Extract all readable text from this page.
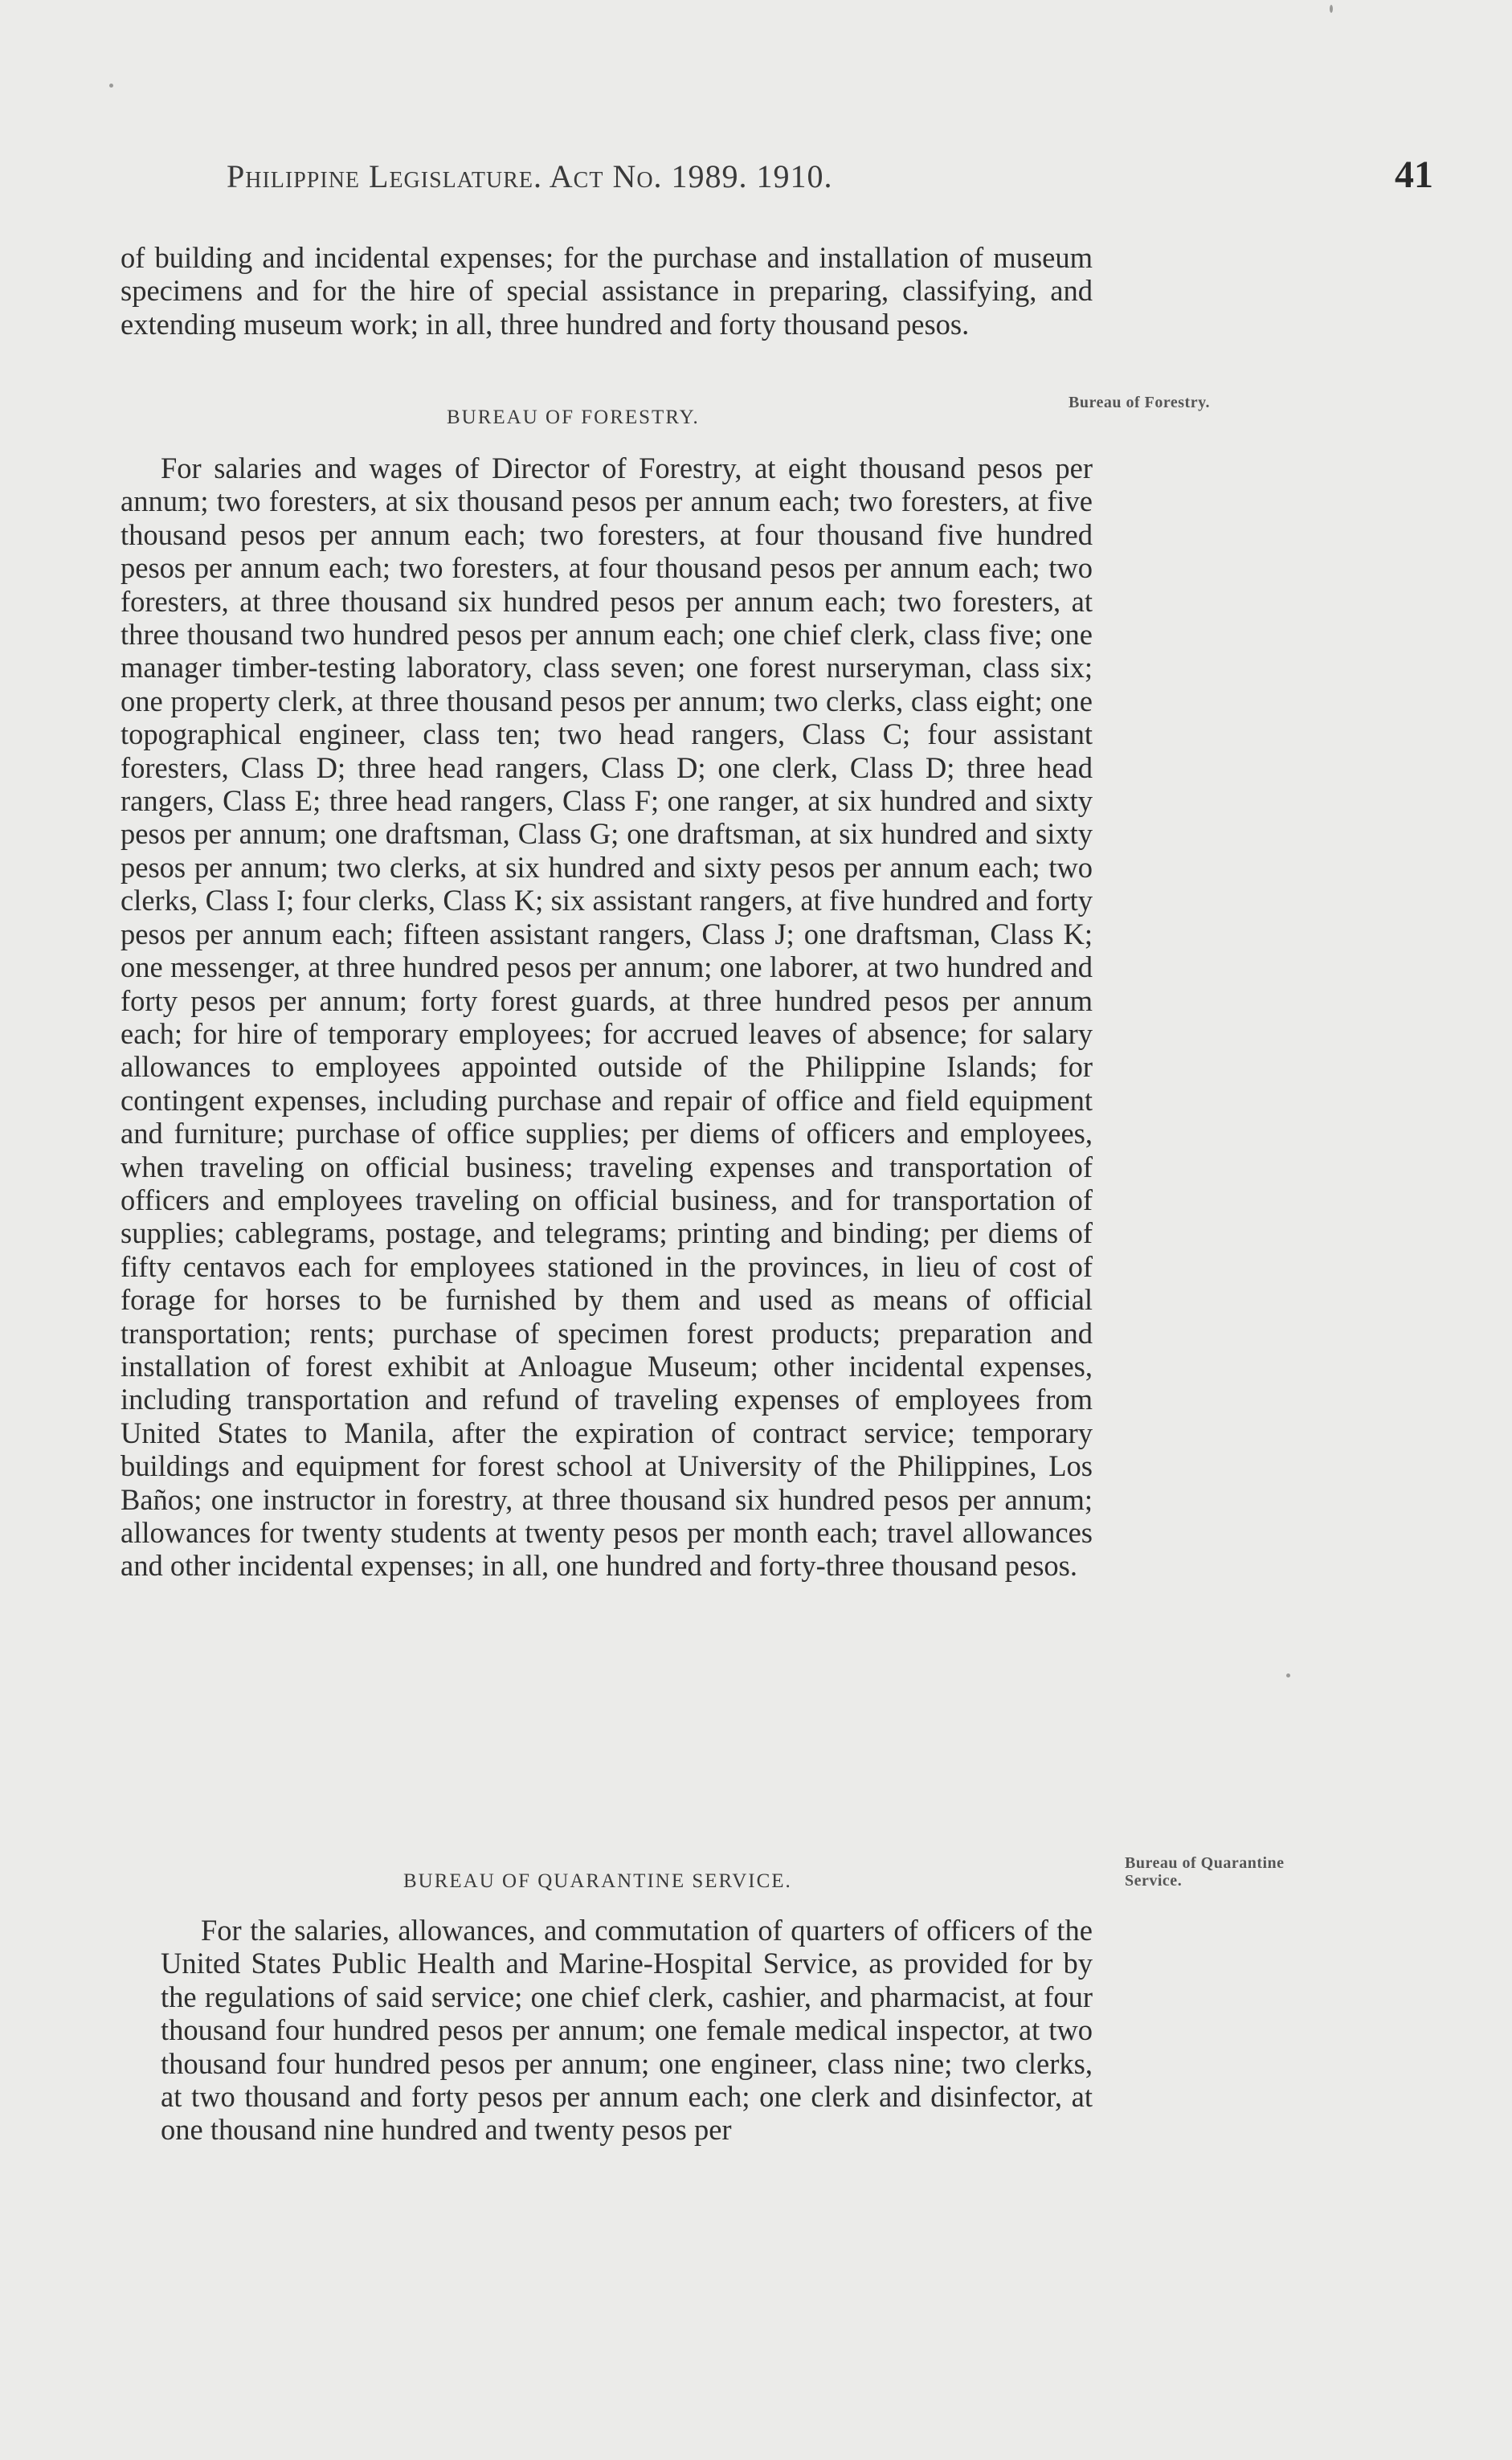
Philippine Legislature. Act No. 1989. 1910.	41

of building and incidental expenses; for the purchase and installation of museum specimens and for the hire of special assistance in preparing, classifying, and extending museum work; in all, three hundred and forty thousand pesos.

BUREAU OF FORESTRY.
Bureau of Forestry.

For salaries and wages of Director of Forestry, at eight thousand pesos per annum; two foresters, at six thousand pesos per annum each; two foresters, at five thousand pesos per annum each; two foresters, at four thousand five hundred pesos per annum each; two foresters, at four thousand pesos per annum each; two foresters, at three thousand six hundred pesos per annum each; two foresters, at three thousand two hundred pesos per annum each; one chief clerk, class five; one manager timber-testing laboratory, class seven; one forest nurseryman, class six; one property clerk, at three thousand pesos per annum; two clerks, class eight; one topographical engineer, class ten; two head rangers, Class C; four assistant foresters, Class D; three head rangers, Class D; one clerk, Class D; three head rangers, Class E; three head rangers, Class F; one ranger, at six hundred and sixty pesos per annum; one draftsman, Class G; one draftsman, at six hundred and sixty pesos per annum; two clerks, at six hundred and sixty pesos per annum each; two clerks, Class I; four clerks, Class K; six assistant rangers, at five hundred and forty pesos per annum each; fifteen assistant rangers, Class J; one draftsman, Class K; one messenger, at three hundred pesos per annum; one laborer, at two hundred and forty pesos per annum; forty forest guards, at three hundred pesos per annum each; for hire of temporary employees; for accrued leaves of absence; for salary allowances to employees appointed outside of the Philippine Islands; for contingent expenses, including purchase and repair of office and field equipment and furniture; purchase of office supplies; per diems of officers and employees, when traveling on official business; traveling expenses and transportation of officers and employees traveling on official business, and for transportation of supplies; cablegrams, postage, and telegrams; printing and binding; per diems of fifty centavos each for employees stationed in the provinces, in lieu of cost of forage for horses to be furnished by them and used as means of official transportation; rents; purchase of specimen forest products; preparation and installation of forest exhibit at Anloague Museum; other incidental expenses, including transportation and refund of traveling expenses of employees from United States to Manila, after the expiration of contract service; temporary buildings and equipment for forest school at University of the Philippines, Los Baños; one instructor in forestry, at three thousand six hundred pesos per annum; allowances for twenty students at twenty pesos per month each; travel allowances and other incidental expenses; in all, one hundred and forty-three thousand pesos.

BUREAU OF QUARANTINE SERVICE.
Bureau of Quarantine Service.

For the salaries, allowances, and commutation of quarters of officers of the United States Public Health and Marine-Hospital Service, as provided for by the regulations of said service; one chief clerk, cashier, and pharmacist, at four thousand four hundred pesos per annum; one female medical inspector, at two thousand four hundred pesos per annum; one engineer, class nine; two clerks, at two thousand and forty pesos per annum each; one clerk and disinfector, at one thousand nine hundred and twenty pesos per
